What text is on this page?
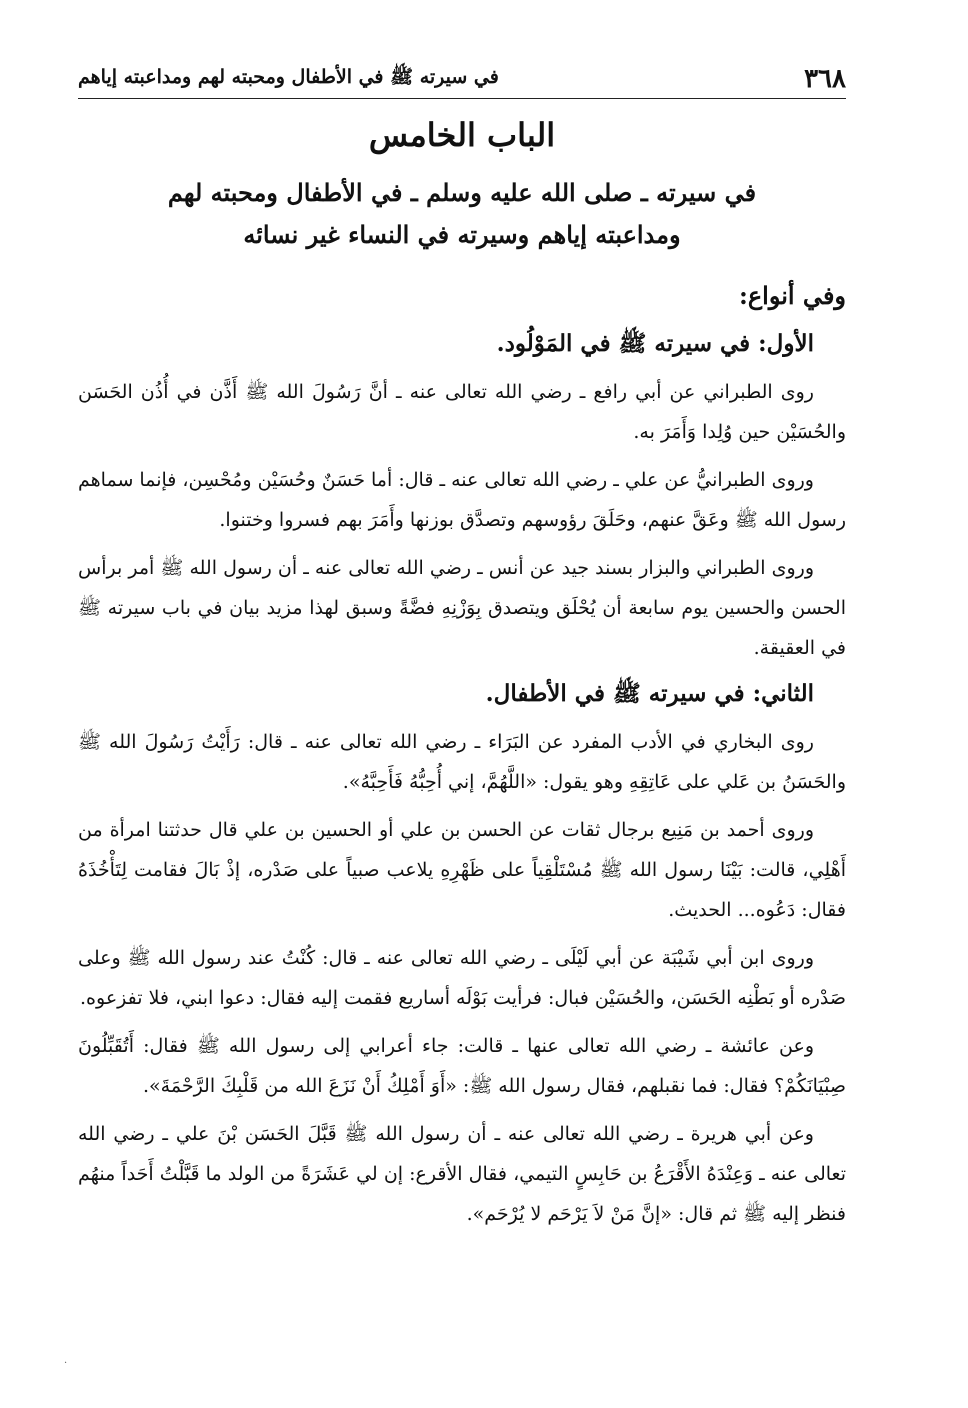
٣٦٨
في سيرته ﷺ في الأطفال ومحبته لهم ومداعبته إياهم
الباب الخامس
في سيرته ـ صلى الله عليه وسلم ـ في الأطفال ومحبته لهم
ومداعبته إياهم وسيرته في النساء غير نسائه
وفي أنواع:
الأول: في سيرته ﷺ في المَوْلُود.

روى الطبراني عن أبي رافع ـ رضي الله تعالى عنه ـ أنَّ رَسُولَ الله ﷺ أَذَّن في أُذُن الحَسَن والحُسَيْن حين وُلِدا وَأَمَرَ به.

وروى الطبرانيُّ عن علي ـ رضي الله تعالى عنه ـ قال: أما حَسَنٌ وحُسَيْن ومُحْسِن، فإنما سماهم رسول الله ﷺ وعَقَّ عنهم، وحَلَقَ رؤوسهم وتصدَّق بوزنها وأَمَرَ بهم فسروا وختنوا.

وروى الطبراني والبزار بسند جيد عن أنس ـ رضي الله تعالى عنه ـ أن رسول الله ﷺ أمر برأس الحسن والحسين يوم سابعة أن يُحْلَق ويتصدق بِوَزْنِهِ فضَّةً وسبق لهذا مزيد بيان في باب سيرته ﷺ في العقيقة.

الثاني: في سيرته ﷺ في الأطفال.

روى البخاري في الأدب المفرد عن البَرَاء ـ رضي الله تعالى عنه ـ قال: رَأَيْتُ رَسُولَ الله ﷺ والحَسَنُ بن عَلي على عَاتِقِهِ وهو يقول: «اللَّهُمَّ، إني أُحِبُّهُ فَأَحِبَّهُ».

وروى أحمد بن مَنِيع برجال ثقات عن الحسن بن علي أو الحسين بن علي قال حدثتنا امرأة من أَهْلِي، قالت: بَيْنَا رسول الله ﷺ مُسْتَلْقِياً على ظَهْرِهِ يلاعب صبياً على صَدْره، إذْ بَالَ فقامت لِتَأْخُذَهُ فقال: دَعُوه... الحديث.

وروى ابن أبي شَيْبَة عن أبي لَيْلَى ـ رضي الله تعالى عنه ـ قال: كُنْتُ عند رسول الله ﷺ وعلى صَدْره أو بَطْنِه الحَسَن، والحُسَيْن فبال: فرأيت بَوْلَه أساريع فقمت إليه فقال: دعوا ابني، فلا تفزعوه.

وعن عائشة ـ رضي الله تعالى عنها ـ قالت: جاء أعرابي إلى رسول الله ﷺ فقال: أَتُقَبِّلُونَ صِبْيَانَكُمْ؟ فقال: فما نقبلهم، فقال رسول الله ﷺ: «أَوَ أَمْلِكُ أَنْ نَزَعَ الله من قَلْبِكَ الرَّحْمَةَ».

وعن أبي هريرة ـ رضي الله تعالى عنه ـ أن رسول الله ﷺ قَبَّلَ الحَسَن بْنَ علي ـ رضي الله تعالى عنه ـ وَعِنْدَهُ الأَقْرَعُ بن حَابِسٍ التيمي، فقال الأقرع: إن لي عَشَرَةً من الولد ما قَبَّلْتُ أَحَداً منهُم فنظر إليه ﷺ ثم قال: «إنَّ مَنْ لاَ يَرْحَم لا يُرْحَم».

·
